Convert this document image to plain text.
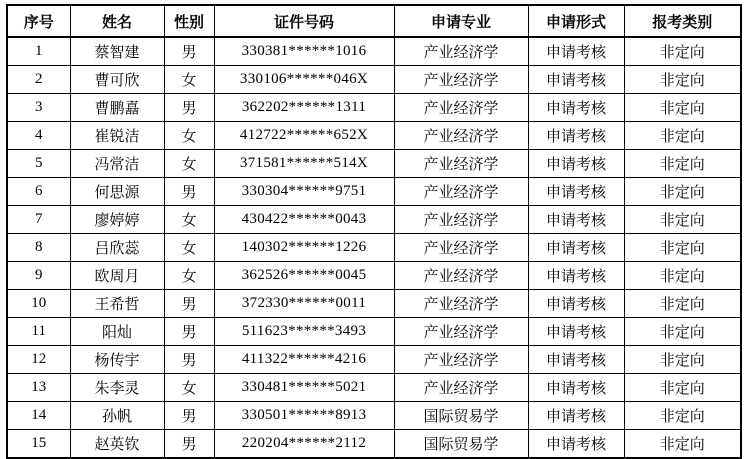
序号	姓名	性别	证件号码	申请专业	申请形式	报考类别
1	蔡智建	男	330381******1016	产业经济学	申请考核	非定向
2	曹可欣	女	330106******046X	产业经济学	申请考核	非定向
3	曹鹏嚞	男	362202******1311	产业经济学	申请考核	非定向
4	崔锐洁	女	412722******652X	产业经济学	申请考核	非定向
5	冯常洁	女	371581******514X	产业经济学	申请考核	非定向
6	何思源	男	330304******9751	产业经济学	申请考核	非定向
7	廖婷婷	女	430422******0043	产业经济学	申请考核	非定向
8	吕欣蕊	女	140302******1226	产业经济学	申请考核	非定向
9	欧周月	女	362526******0045	产业经济学	申请考核	非定向
10	王希哲	男	372330******0011	产业经济学	申请考核	非定向
11	阳灿	男	511623******3493	产业经济学	申请考核	非定向
12	杨传宇	男	411322******4216	产业经济学	申请考核	非定向
13	朱李灵	女	330481******5021	产业经济学	申请考核	非定向
14	孙帆	男	330501******8913	国际贸易学	申请考核	非定向
15	赵英钦	男	220204******2112	国际贸易学	申请考核	非定向
